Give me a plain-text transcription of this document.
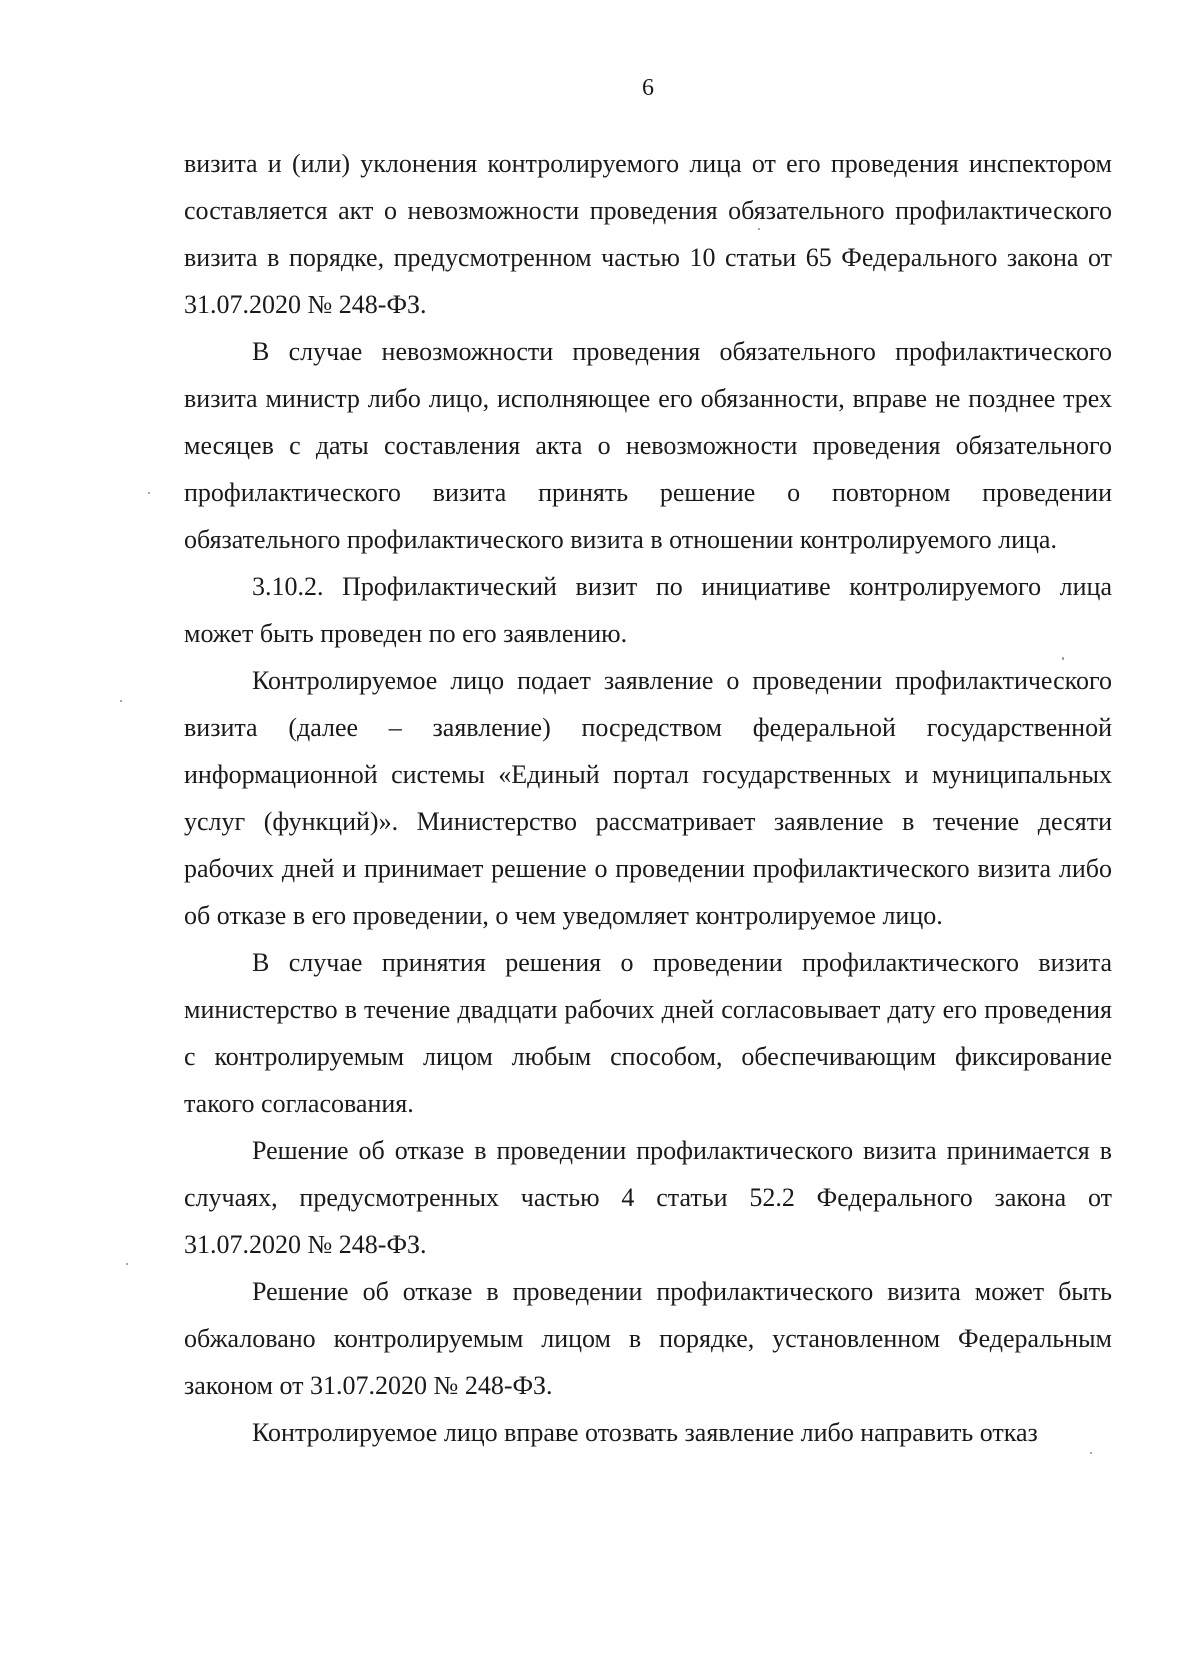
6

визита и (или) уклонения контролируемого лица от его проведения инспектором составляется акт о невозможности проведения обязательного профилактического визита в порядке, предусмотренном частью 10 статьи 65 Федерального закона от 31.07.2020 № 248-ФЗ.

В случае невозможности проведения обязательного профилактического визита министр либо лицо, исполняющее его обязанности, вправе не позднее трех месяцев с даты составления акта о невозможности проведения обязательного профилактического визита принять решение о повторном проведении обязательного профилактического визита в отношении контролируемого лица.

3.10.2. Профилактический визит по инициативе контролируемого лица может быть проведен по его заявлению.

Контролируемое лицо подает заявление о проведении профилактического визита (далее – заявление) посредством федеральной государственной информационной системы «Единый портал государственных и муниципальных услуг (функций)». Министерство рассматривает заявление в течение десяти рабочих дней и принимает решение о проведении профилактического визита либо об отказе в его проведении, о чем уведомляет контролируемое лицо.

В случае принятия решения о проведении профилактического визита министерство в течение двадцати рабочих дней согласовывает дату его проведения с контролируемым лицом любым способом, обеспечивающим фиксирование такого согласования.

Решение об отказе в проведении профилактического визита принимается в случаях, предусмотренных частью 4 статьи 52.2 Федерального закона от 31.07.2020 № 248-ФЗ.

Решение об отказе в проведении профилактического визита может быть обжаловано контролируемым лицом в порядке, установленном Федеральным законом от 31.07.2020 № 248-ФЗ.

Контролируемое лицо вправе отозвать заявление либо направить отказ
